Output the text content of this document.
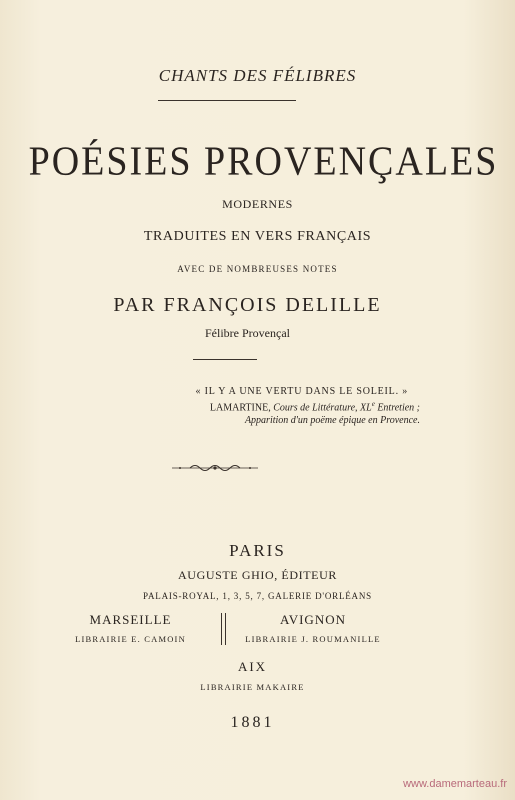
CHANTS DES FÉLIBRES
POÉSIES PROVENÇALES
MODERNES
TRADUITES EN VERS FRANÇAIS
AVEC DE NOMBREUSES NOTES
PAR FRANÇOIS DELILLE
Félibre Provençal
« IL Y A UNE VERTU DANS LE SOLEIL. »
LAMARTINE, Cours de Littérature, XLe Entretien ;
Apparition d'un poëme épique en Provence.
PARIS
AUGUSTE GHIO, ÉDITEUR
PALAIS-ROYAL, 1, 3, 5, 7, GALERIE D'ORLÉANS
MARSEILLE
LIBRAIRIE E. CAMOIN
AVIGNON
LIBRAIRIE J. ROUMANILLE
AIX
LIBRAIRIE MAKAIRE
1881
www.damemarteau.fr
